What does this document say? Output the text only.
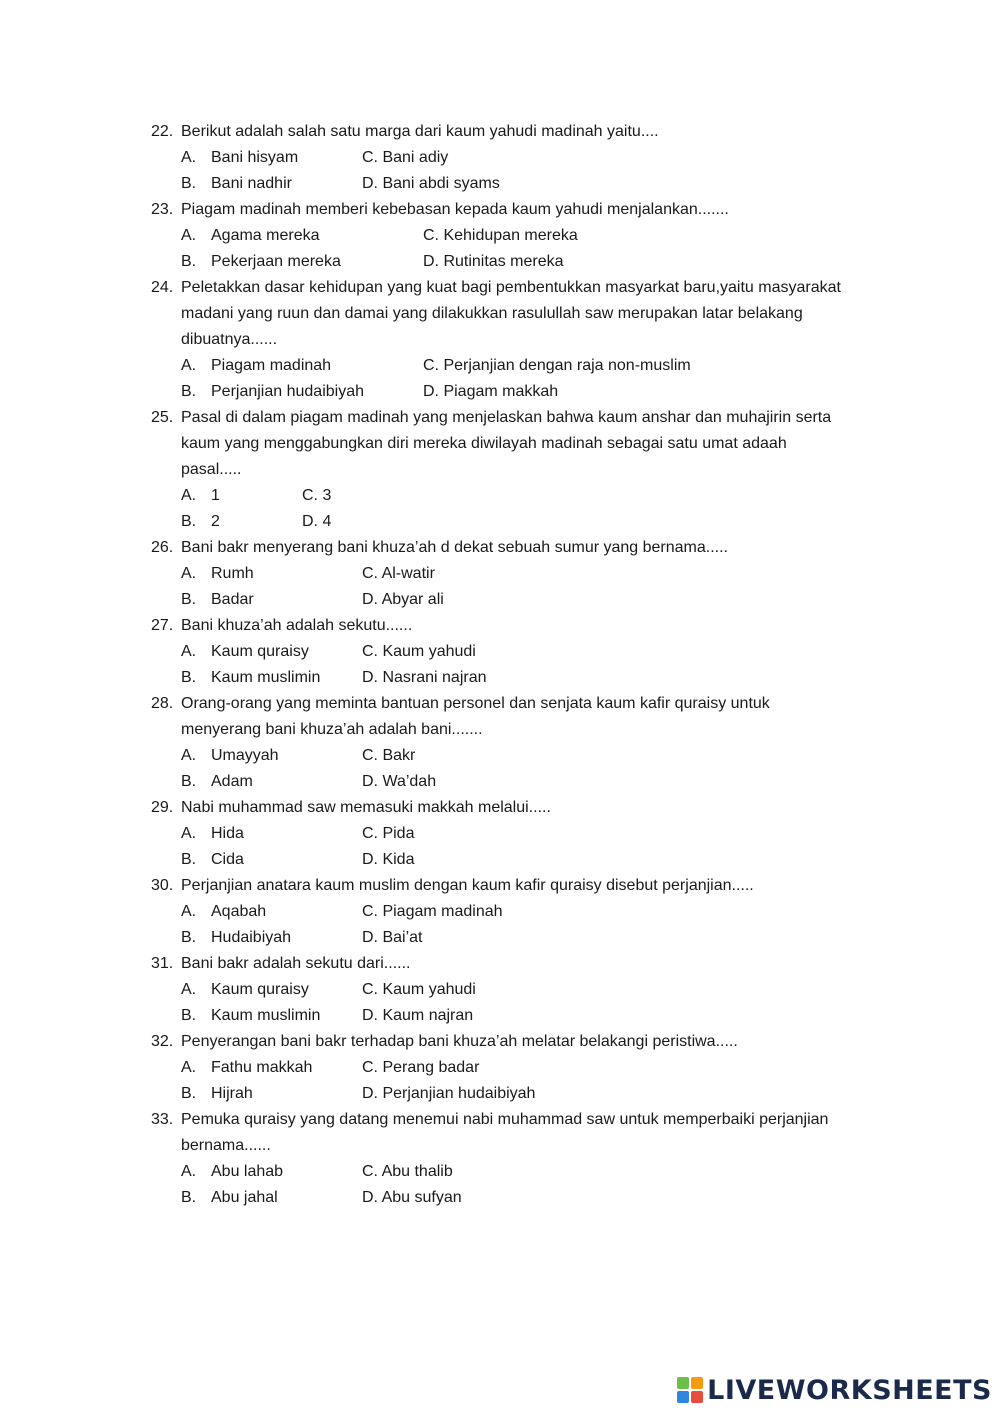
22. Berikut adalah salah satu marga dari kaum yahudi madinah yaitu....
A. Bani hisyam	C. Bani adiy
B. Bani nadhir	D. Bani abdi syams
23. Piagam madinah memberi kebebasan kepada kaum yahudi menjalankan.......
A. Agama mereka	C. Kehidupan mereka
B. Pekerjaan mereka	D. Rutinitas mereka
24. Peletakkan dasar kehidupan yang kuat bagi pembentukkan masyarkat baru,yaitu masyarakat
madani yang ruun dan damai yang dilakukkan rasulullah saw merupakan latar belakang
dibuatnya......
A. Piagam madinah	C. Perjanjian dengan raja non-muslim
B. Perjanjian hudaibiyah	D. Piagam makkah
25. Pasal di dalam piagam madinah yang menjelaskan bahwa kaum anshar dan muhajirin serta
kaum yang menggabungkan diri mereka diwilayah madinah sebagai satu umat adaah
pasal.....
A. 1	C. 3
B. 2	D. 4
26. Bani bakr menyerang bani khuza’ah d dekat sebuah sumur yang bernama.....
A. Rumh	C. Al-watir
B. Badar	D. Abyar ali
27. Bani khuza’ah adalah sekutu......
A. Kaum quraisy	C. Kaum yahudi
B. Kaum muslimin	D. Nasrani najran
28. Orang-orang yang meminta bantuan personel dan senjata kaum kafir quraisy untuk
menyerang bani khuza’ah adalah bani.......
A. Umayyah	C. Bakr
B. Adam	D. Wa’dah
29. Nabi muhammad saw memasuki makkah melalui.....
A. Hida	C. Pida
B. Cida	D. Kida
30. Perjanjian anatara kaum muslim dengan kaum kafir quraisy disebut perjanjian.....
A. Aqabah	C. Piagam madinah
B. Hudaibiyah	D. Bai’at
31. Bani bakr adalah sekutu dari......
A. Kaum quraisy	C. Kaum yahudi
B. Kaum muslimin	D. Kaum najran
32. Penyerangan bani bakr terhadap bani khuza’ah melatar belakangi peristiwa.....
A. Fathu makkah	C. Perang badar
B. Hijrah	D. Perjanjian hudaibiyah
33. Pemuka quraisy yang datang menemui nabi muhammad saw untuk memperbaiki perjanjian
bernama......
A. Abu lahab	C. Abu thalib
B. Abu jahal	D. Abu sufyan
LIVEWORKSHEETS
